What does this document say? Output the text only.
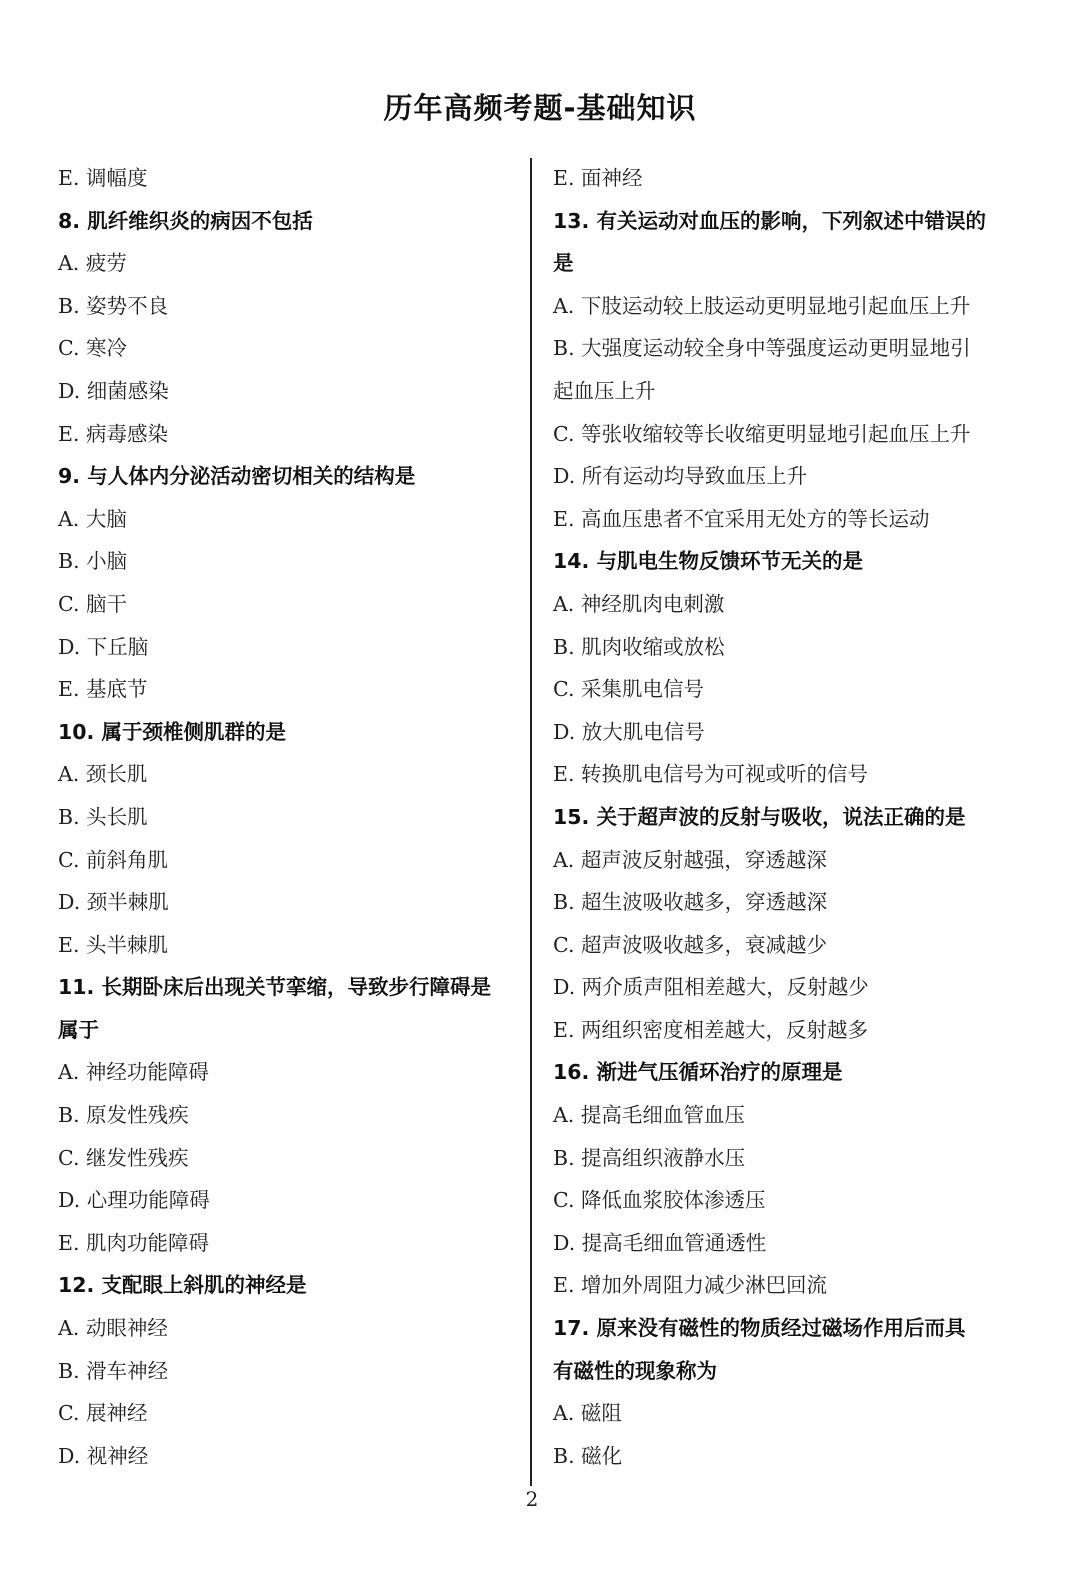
历年高频考题-基础知识
E. 调幅度
8. 肌纤维织炎的病因不包括
A. 疲劳
B. 姿势不良
C. 寒冷
D. 细菌感染
E. 病毒感染
9. 与人体内分泌活动密切相关的结构是
A. 大脑
B. 小脑
C. 脑干
D. 下丘脑
E. 基底节
10. 属于颈椎侧肌群的是
A. 颈长肌
B. 头长肌
C. 前斜角肌
D. 颈半棘肌
E. 头半棘肌
11. 长期卧床后出现关节挛缩，导致步行障碍是
属于
A. 神经功能障碍
B. 原发性残疾
C. 继发性残疾
D. 心理功能障碍
E. 肌肉功能障碍
12. 支配眼上斜肌的神经是
A. 动眼神经
B. 滑车神经
C. 展神经
D. 视神经
E. 面神经
13. 有关运动对血压的影响，下列叙述中错误的
是
A. 下肢运动较上肢运动更明显地引起血压上升
B. 大强度运动较全身中等强度运动更明显地引
起血压上升
C. 等张收缩较等长收缩更明显地引起血压上升
D. 所有运动均导致血压上升
E. 高血压患者不宜采用无处方的等长运动
14. 与肌电生物反馈环节无关的是
A. 神经肌肉电刺激
B. 肌肉收缩或放松
C. 采集肌电信号
D. 放大肌电信号
E. 转换肌电信号为可视或听的信号
15. 关于超声波的反射与吸收，说法正确的是
A. 超声波反射越强，穿透越深
B. 超生波吸收越多，穿透越深
C. 超声波吸收越多，衰减越少
D. 两介质声阻相差越大，反射越少
E. 两组织密度相差越大，反射越多
16. 渐进气压循环治疗的原理是
A. 提高毛细血管血压
B. 提高组织液静水压
C. 降低血浆胶体渗透压
D. 提高毛细血管通透性
E. 增加外周阻力减少淋巴回流
17. 原来没有磁性的物质经过磁场作用后而具
有磁性的现象称为
A. 磁阻
B. 磁化
2
